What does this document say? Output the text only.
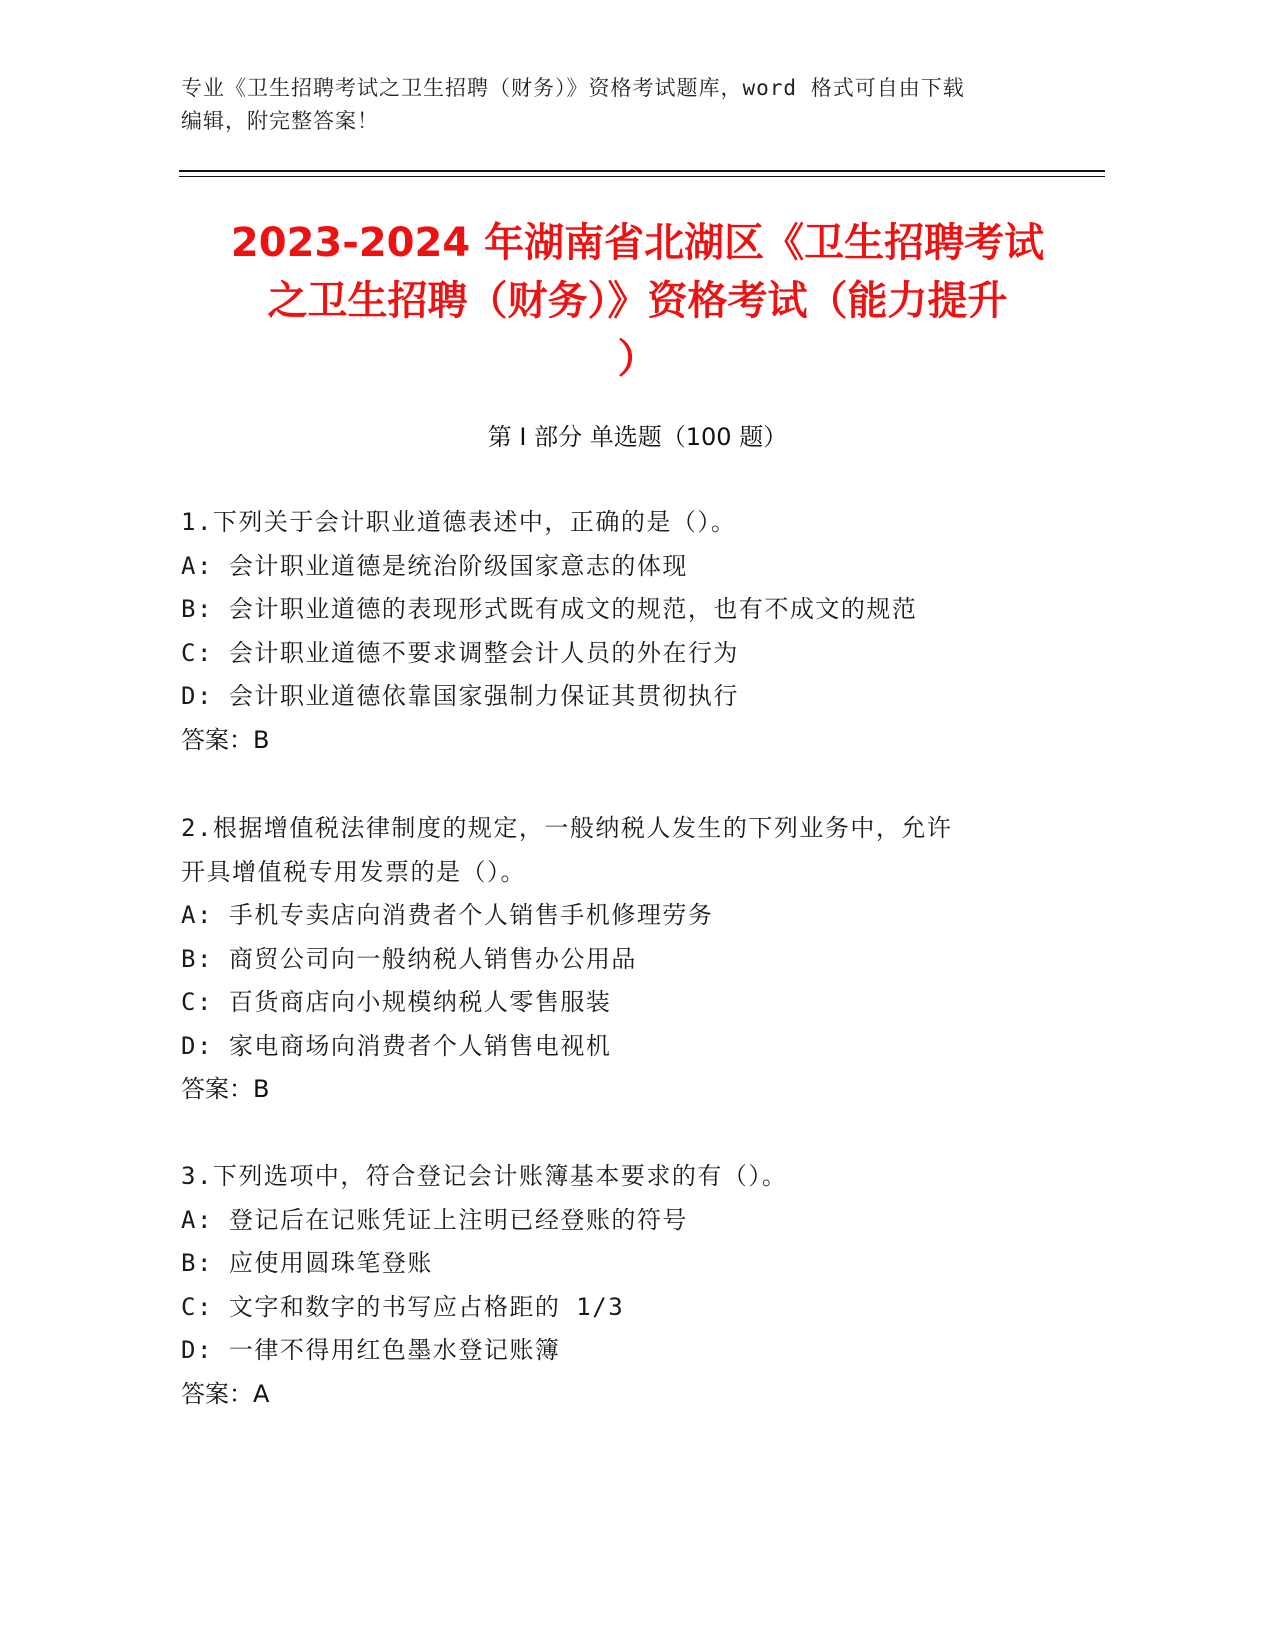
专业《卫生招聘考试之卫生招聘（财务）》资格考试题库，word 格式可自由下载
编辑，附完整答案！
2023-2024 年湖南省北湖区《卫生招聘考试
之卫生招聘（财务）》资格考试（能力提升
）
第 I 部分 单选题（100 题）
1.下列关于会计职业道德表述中，正确的是（）。
A: 会计职业道德是统治阶级国家意志的体现
B: 会计职业道德的表现形式既有成文的规范，也有不成文的规范
C: 会计职业道德不要求调整会计人员的外在行为
D: 会计职业道德依靠国家强制力保证其贯彻执行
答案：B
2.根据增值税法律制度的规定，一般纳税人发生的下列业务中，允许
开具增值税专用发票的是（）。
A: 手机专卖店向消费者个人销售手机修理劳务
B: 商贸公司向一般纳税人销售办公用品
C: 百货商店向小规模纳税人零售服装
D: 家电商场向消费者个人销售电视机
答案：B
3.下列选项中，符合登记会计账簿基本要求的有（）。
A: 登记后在记账凭证上注明已经登账的符号
B: 应使用圆珠笔登账
C: 文字和数字的书写应占格距的 1/3
D: 一律不得用红色墨水登记账簿
答案：A
